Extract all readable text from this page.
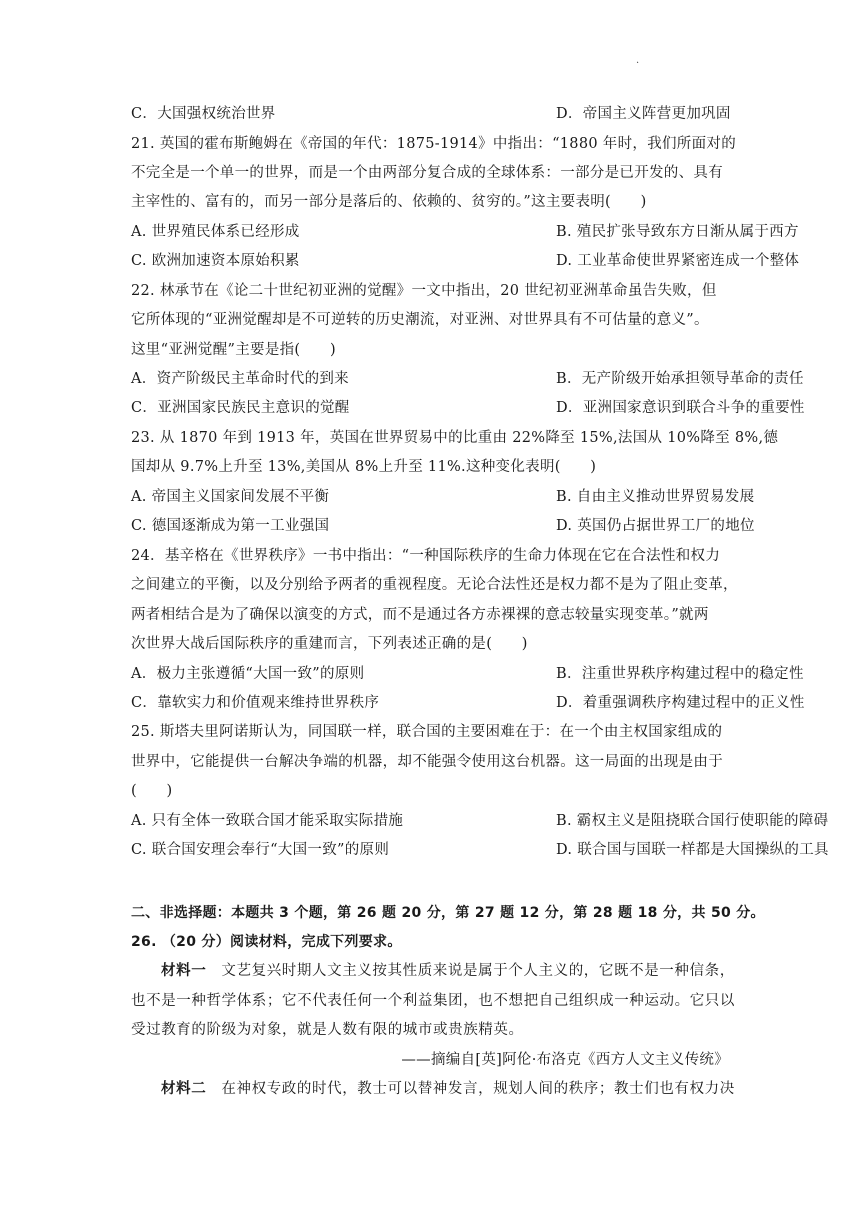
·
C．大国强权统治世界	D．帝国主义阵营更加巩固
21. 英国的霍布斯鲍姆在《帝国的年代：1875-1914》中指出：“1880 年时，我们所面对的
不完全是一个单一的世界，而是一个由两部分复合成的全球体系：一部分是已开发的、具有
主宰性的、富有的，而另一部分是落后的、依赖的、贫穷的。”这主要表明(　　)
A. 世界殖民体系已经形成	B. 殖民扩张导致东方日渐从属于西方
C. 欧洲加速资本原始积累	D. 工业革命使世界紧密连成一个整体
22. 林承节在《论二十世纪初亚洲的觉醒》一文中指出，20 世纪初亚洲革命虽告失败，但
它所体现的“亚洲觉醒却是不可逆转的历史潮流，对亚洲、对世界具有不可估量的意义”。
这里“亚洲觉醒”主要是指(　　)
A．资产阶级民主革命时代的到来	B．无产阶级开始承担领导革命的责任
C．亚洲国家民族民主意识的觉醒	D．亚洲国家意识到联合斗争的重要性
23. 从 1870 年到 1913 年，英国在世界贸易中的比重由 22%降至 15%,法国从 10%降至 8%,德
国却从 9.7%上升至 13%,美国从 8%上升至 11%.这种变化表明(　　)
A. 帝国主义国家间发展不平衡	B. 自由主义推动世界贸易发展
C. 德国逐渐成为第一工业强国	D. 英国仍占据世界工厂的地位
24．基辛格在《世界秩序》一书中指出：“一种国际秩序的生命力体现在它在合法性和权力
之间建立的平衡，以及分别给予两者的重视程度。无论合法性还是权力都不是为了阻止变革，
两者相结合是为了确保以演变的方式，而不是通过各方赤裸裸的意志较量实现变革。”就两
次世界大战后国际秩序的重建而言，下列表述正确的是(　　)
A．极力主张遵循“大国一致”的原则	B．注重世界秩序构建过程中的稳定性
C．靠软实力和价值观来维持世界秩序	D．着重强调秩序构建过程中的正义性
25. 斯塔夫里阿诺斯认为，同国联一样，联合国的主要困难在于：在一个由主权国家组成的
世界中，它能提供一台解决争端的机器，却不能强令使用这台机器。这一局面的出现是由于
(　　)
A. 只有全体一致联合国才能采取实际措施	B. 霸权主义是阻挠联合国行使职能的障碍
C. 联合国安理会奉行“大国一致”的原则	D. 联合国与国联一样都是大国操纵的工具
二、非选择题：本题共 3 个题，第 26 题 20 分，第 27 题 12 分，第 28 题 18 分，共 50 分。
26. （20 分）阅读材料，完成下列要求。
材料一　文艺复兴时期人文主义按其性质来说是属于个人主义的，它既不是一种信条，
也不是一种哲学体系；它不代表任何一个利益集团，也不想把自己组织成一种运动。它只以
受过教育的阶级为对象，就是人数有限的城市或贵族精英。
——摘编自[英]阿伦·布洛克《西方人文主义传统》
材料二　在神权专政的时代，教士可以替神发言，规划人间的秩序；教士们也有权力决
